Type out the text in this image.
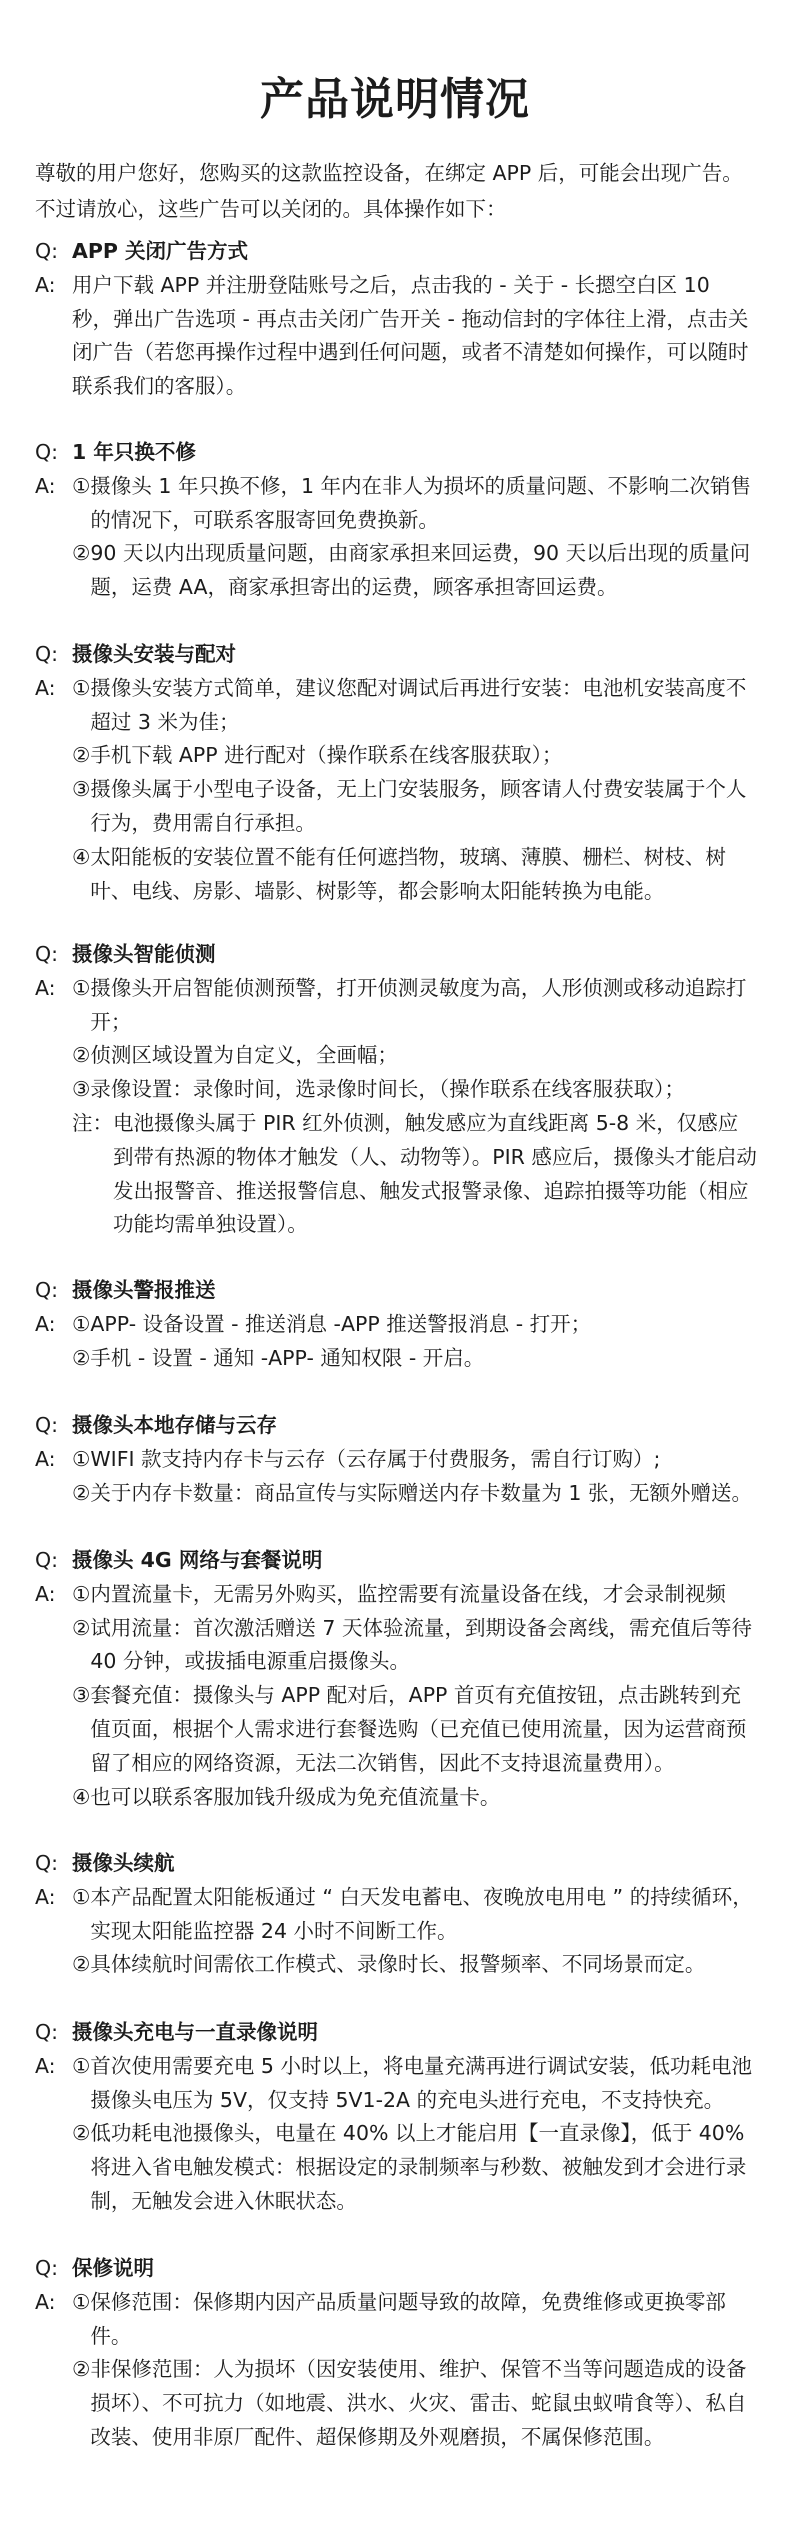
产品说明情况
尊敬的用户您好，您购买的这款监控设备，在绑定 APP 后，可能会出现广告。不过请放心，这些广告可以关闭的。具体操作如下：
Q: APP 关闭广告方式
A: 用户下载 APP 并注册登陆账号之后，点击我的 - 关于 - 长摁空白区 10 秒，弹出广告选项 - 再点击关闭广告开关 - 拖动信封的字体往上滑，点击关闭广告（若您再操作过程中遇到任何问题，或者不清楚如何操作，可以随时联系我们的客服）。
Q: 1 年只换不修
A: ① 摄像头 1 年只换不修，1 年内在非人为损坏的质量问题、不影响二次销售的情况下，可联系客服寄回免费换新。
② 90 天以内出现质量问题，由商家承担来回运费，90 天以后出现的质量问题，运费 AA，商家承担寄出的运费，顾客承担寄回运费。
Q: 摄像头安装与配对
A: ① 摄像头安装方式简单，建议您配对调试后再进行安装：电池机安装高度不超过 3 米为佳；
② 手机下载 APP 进行配对（操作联系在线客服获取）；
③ 摄像头属于小型电子设备，无上门安装服务，顾客请人付费安装属于个人行为，费用需自行承担。
④ 太阳能板的安装位置不能有任何遮挡物，玻璃、薄膜、栅栏、树枝、树叶、电线、房影、墙影、树影等，都会影响太阳能转换为电能。
Q: 摄像头智能侦测
A: ① 摄像头开启智能侦测预警，打开侦测灵敏度为高，人形侦测或移动追踪打开；
② 侦测区域设置为自定义，全画幅；
③ 录像设置：录像时间，选录像时间长，（操作联系在线客服获取）；
注： 电池摄像头属于 PIR 红外侦测，触发感应为直线距离 5-8 米，仅感应到带有热源的物体才触发（人、动物等）。PIR 感应后，摄像头才能启动发出报警音、推送报警信息、触发式报警录像、追踪拍摄等功能（相应功能均需单独设置）。
Q: 摄像头警报推送
A: ① APP- 设备设置 - 推送消息 -APP 推送警报消息 - 打开；
② 手机 - 设置 - 通知 -APP- 通知权限 - 开启。
Q: 摄像头本地存储与云存
A: ① WIFI 款支持内存卡与云存（云存属于付费服务，需自行订购）;
② 关于内存卡数量：商品宣传与实际赠送内存卡数量为 1 张，无额外赠送。
Q: 摄像头 4G 网络与套餐说明
A: ① 内置流量卡，无需另外购买，监控需要有流量设备在线，才会录制视频
② 试用流量：首次激活赠送 7 天体验流量，到期设备会离线，需充值后等待 40 分钟，或拔插电源重启摄像头。
③ 套餐充值：摄像头与 APP 配对后，APP 首页有充值按钮，点击跳转到充值页面，根据个人需求进行套餐选购（已充值已使用流量，因为运营商预留了相应的网络资源，无法二次销售，因此不支持退流量费用）。
④ 也可以联系客服加钱升级成为免充值流量卡。
Q: 摄像头续航
A: ① 本产品配置太阳能板通过 “ 白天发电蓄电、夜晚放电用电 ” 的持续循环，实现太阳能监控器 24 小时不间断工作。
② 具体续航时间需依工作模式、录像时长、报警频率、不同场景而定。
Q: 摄像头充电与一直录像说明
A: ① 首次使用需要充电 5 小时以上，将电量充满再进行调试安装，低功耗电池摄像头电压为 5V，仅支持 5V1-2A 的充电头进行充电，不支持快充。
② 低功耗电池摄像头，电量在 40% 以上才能启用【一直录像】，低于 40% 将进入省电触发模式：根据设定的录制频率与秒数、被触发到才会进行录制，无触发会进入休眠状态。
Q: 保修说明
A: ① 保修范围：保修期内因产品质量问题导致的故障，免费维修或更换零部件。
② 非保修范围：人为损坏（因安装使用、维护、保管不当等问题造成的设备损坏）、不可抗力（如地震、洪水、火灾、雷击、蛇鼠虫蚁啃食等）、私自改装、使用非原厂配件、超保修期及外观磨损，不属保修范围。
